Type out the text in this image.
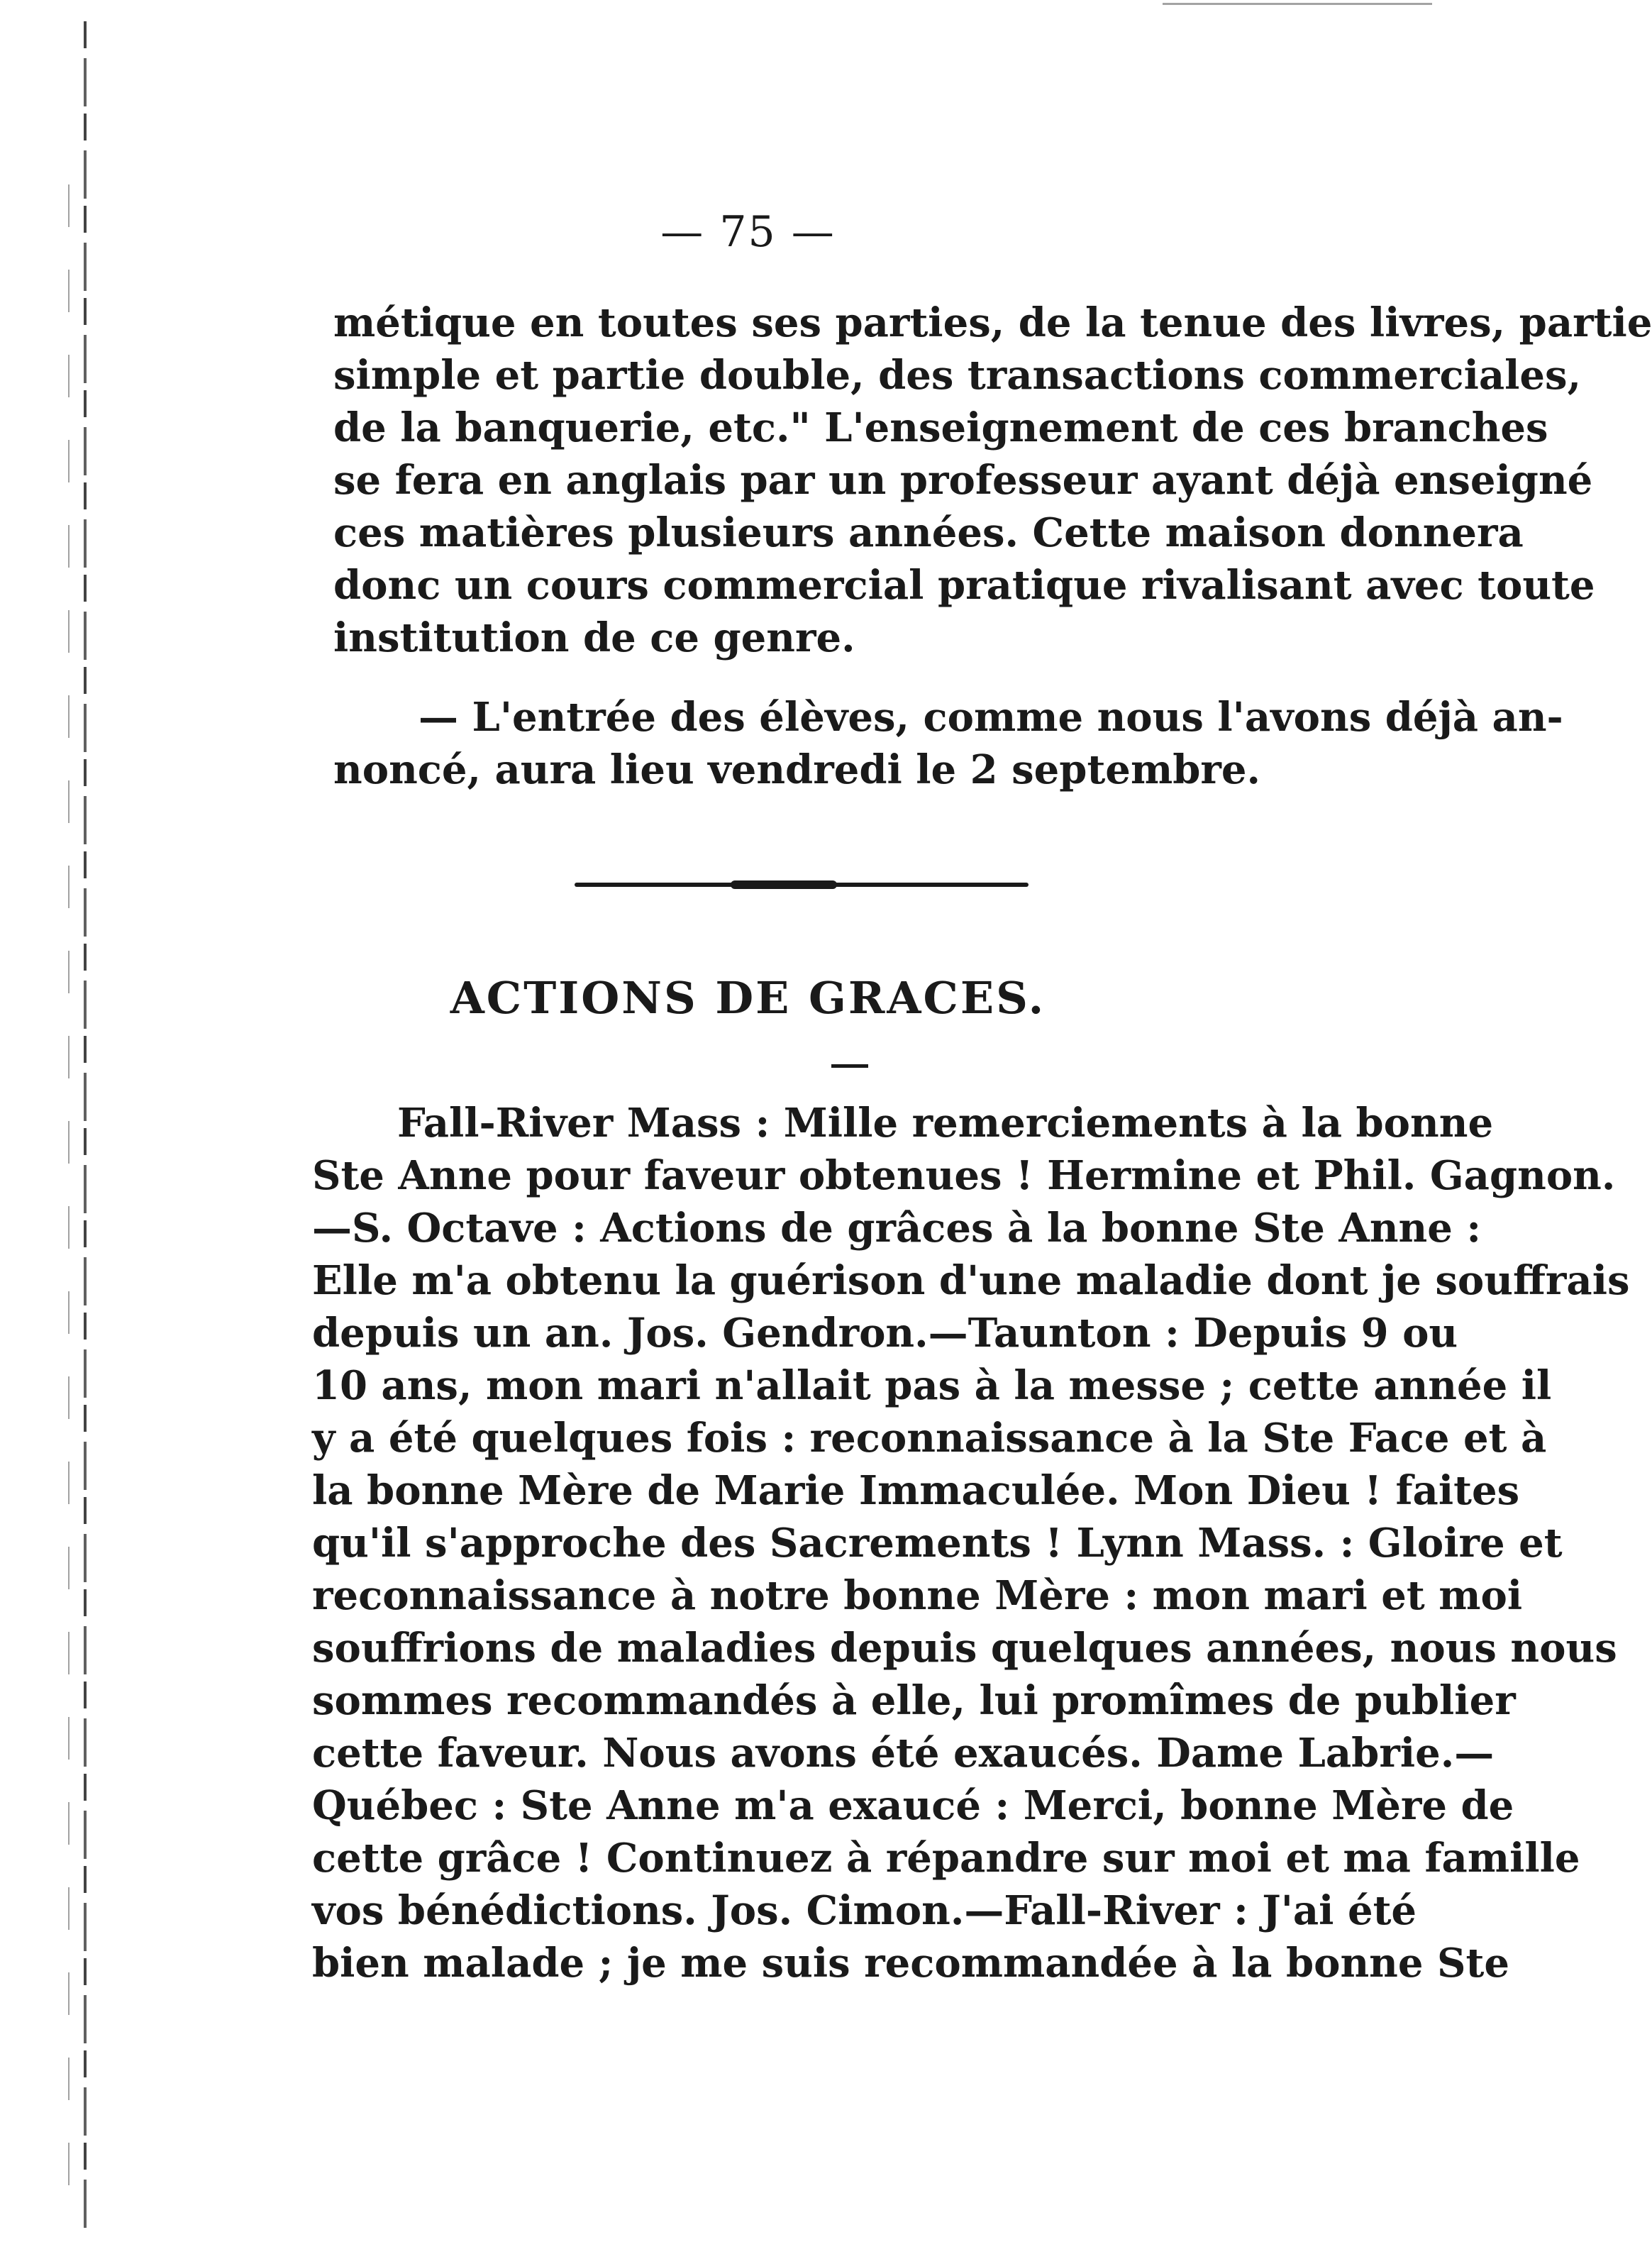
— 75 —

métique en toutes ses parties, de la tenue des livres, partie
simple et partie double, des transactions commerciales,
de la banquerie, etc." L'enseignement de ces branches
se fera en anglais par un professeur ayant déjà enseigné
ces matières plusieurs années. Cette maison donnera
donc un cours commercial pratique rivalisant avec toute
institution de ce genre.

— L'entrée des élèves, comme nous l'avons déjà an-
noncé, aura lieu vendredi le 2 septembre.

ACTIONS DE GRACES.

Fall-River Mass : Mille remerciements à la bonne
Ste Anne pour faveur obtenues ! Hermine et Phil. Gagnon.
—S. Octave : Actions de grâces à la bonne Ste Anne :
Elle m'a obtenu la guérison d'une maladie dont je souffrais
depuis un an. Jos. Gendron.—Taunton : Depuis 9 ou
10 ans, mon mari n'allait pas à la messe ; cette année il
y a été quelques fois : reconnaissance à la Ste Face et à
la bonne Mère de Marie Immaculée. Mon Dieu ! faites
qu'il s'approche des Sacrements ! Lynn Mass. : Gloire et
reconnaissance à notre bonne Mère : mon mari et moi
souffrions de maladies depuis quelques années, nous nous
sommes recommandés à elle, lui promîmes de publier
cette faveur. Nous avons été exaucés. Dame Labrie.—
Québec : Ste Anne m'a exaucé : Merci, bonne Mère de
cette grâce ! Continuez à répandre sur moi et ma famille
vos bénédictions. Jos. Cimon.—Fall-River : J'ai été
bien malade ; je me suis recommandée à la bonne Ste
